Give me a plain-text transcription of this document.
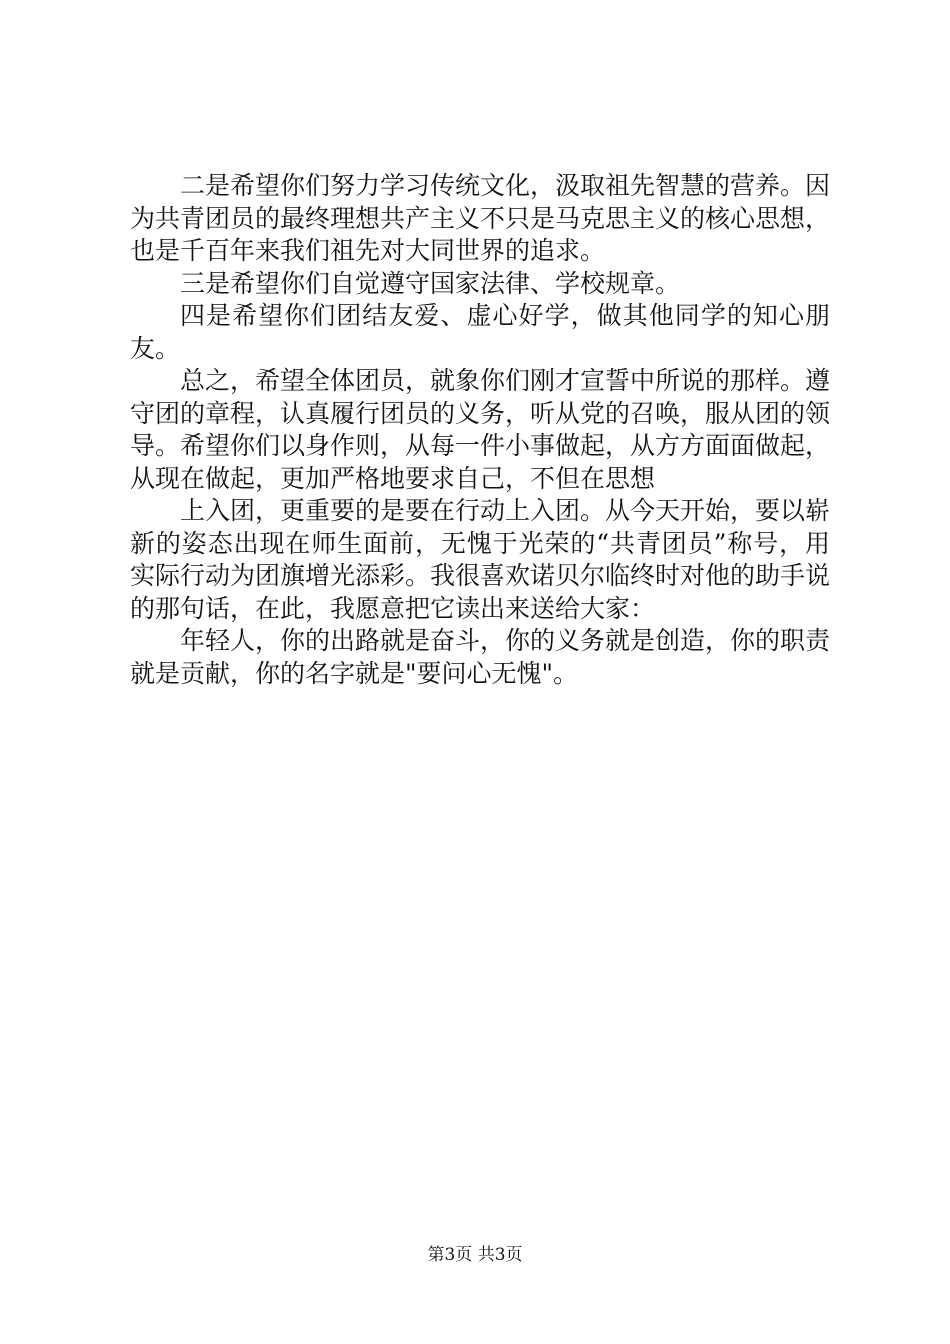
二是希望你们努力学习传统文化，汲取祖先智慧的营养。因为共青团员的最终理想共产主义不只是马克思主义的核心思想，也是千百年来我们祖先对大同世界的追求。

三是希望你们自觉遵守国家法律、学校规章。

四是希望你们团结友爱、虚心好学，做其他同学的知心朋友。

总之，希望全体团员，就象你们刚才宣誓中所说的那样。遵守团的章程，认真履行团员的义务，听从党的召唤，服从团的领导。希望你们以身作则，从每一件小事做起，从方方面面做起，从现在做起，更加严格地要求自己，不但在思想

上入团，更重要的是要在行动上入团。从今天开始，要以崭新的姿态出现在师生面前，无愧于光荣的“共青团员”称号，用实际行动为团旗增光添彩。我很喜欢诺贝尔临终时对他的助手说的那句话，在此，我愿意把它读出来送给大家：

年轻人，你的出路就是奋斗，你的义务就是创造，你的职责就是贡献，你的名字就是"要问心无愧"。

第3页 共3页
